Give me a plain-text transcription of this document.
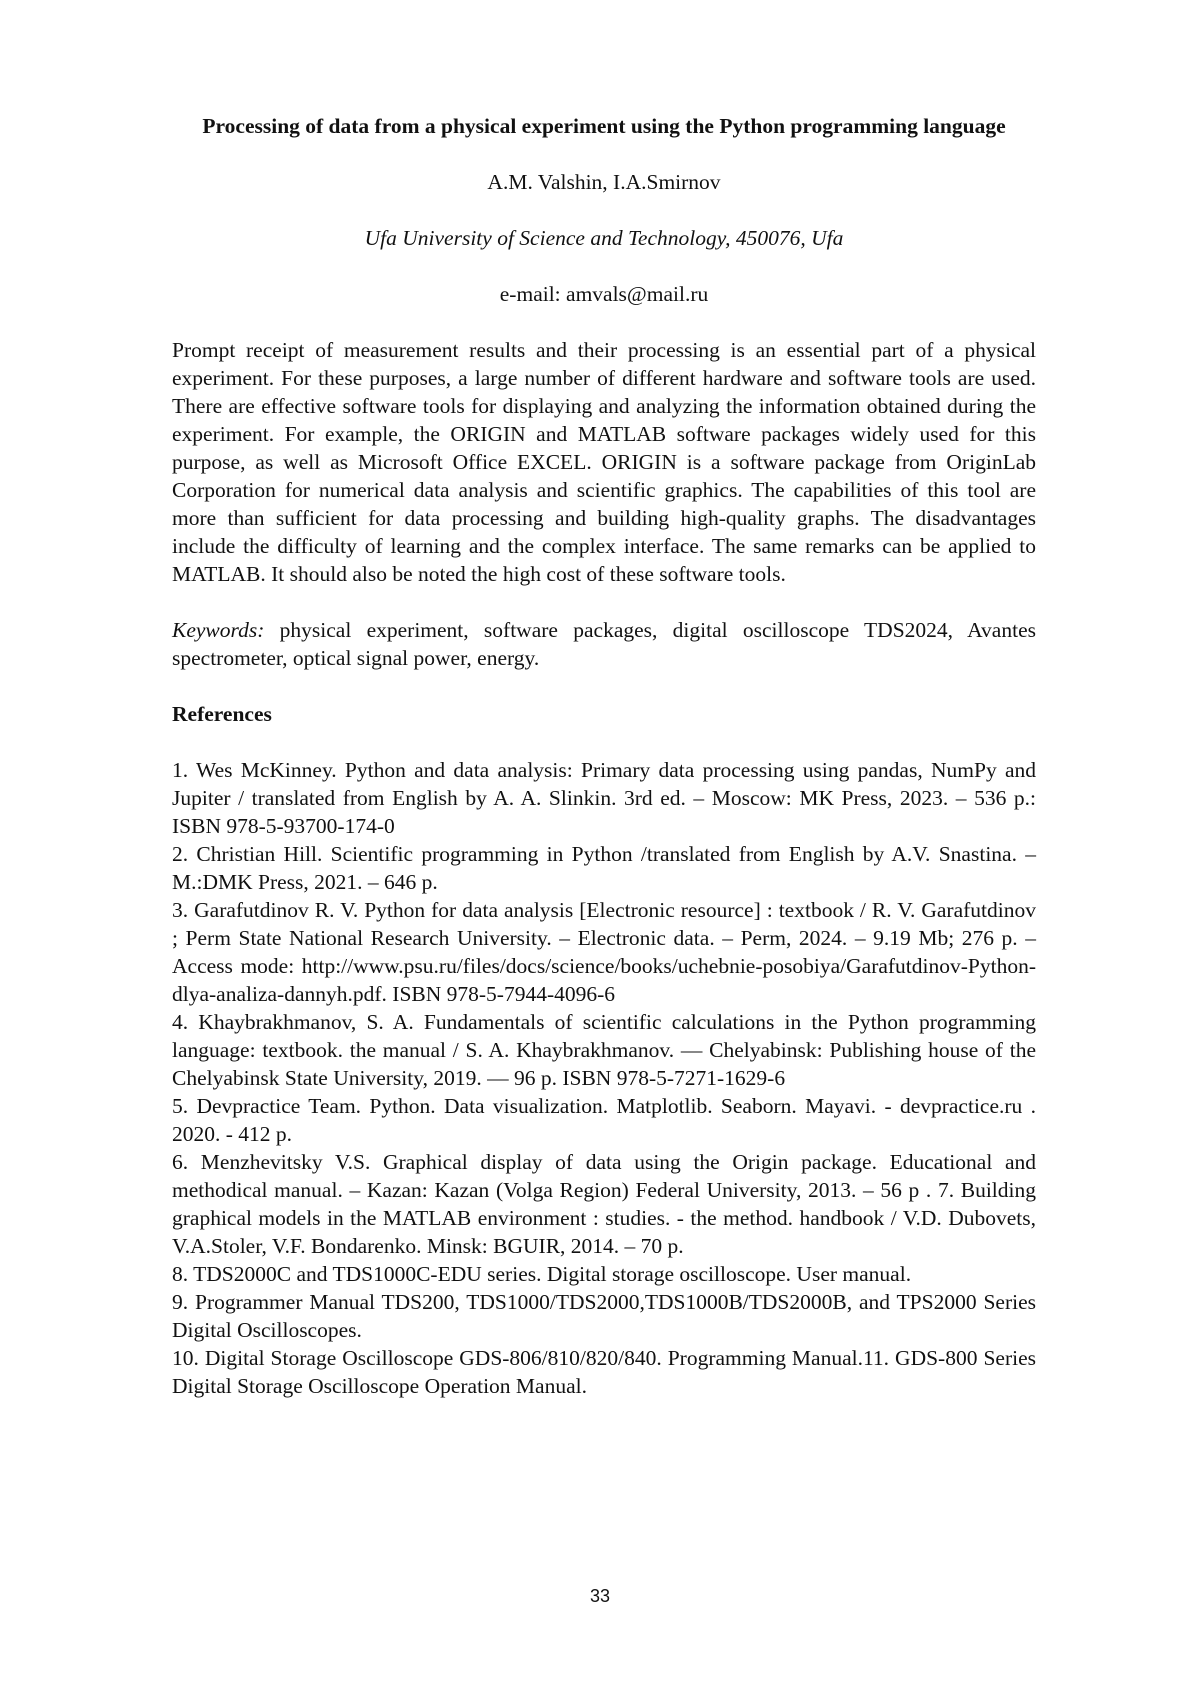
Processing of data from a physical experiment using the Python programming language
A.M. Valshin, I.A.Smirnov
Ufa University of Science and Technology, 450076, Ufa
e-mail: amvals@mail.ru
Prompt receipt of measurement results and their processing is an essential part of a physical experiment. For these purposes, a large number of different hardware and software tools are used. There are effective software tools for displaying and analyzing the information obtained during the experiment. For example, the ORIGIN and MATLAB software packages widely used for this purpose, as well as Microsoft Office EXCEL. ORIGIN is a software package from OriginLab Corporation for numerical data analysis and scientific graphics. The capabilities of this tool are more than sufficient for data processing and building high-quality graphs. The disadvantages include the difficulty of learning and the complex interface. The same remarks can be applied to MATLAB. It should also be noted the high cost of these software tools.
Keywords: physical experiment, software packages, digital oscilloscope TDS2024, Avantes spectrometer, optical signal power, energy.
References
1. Wes McKinney. Python and data analysis: Primary data processing using pandas, NumPy and Jupiter / translated from English by A. A. Slinkin. 3rd ed. – Moscow: MK Press, 2023. – 536 p.: ISBN 978-5-93700-174-0
2. Christian Hill. Scientific programming in Python /translated from English by A.V. Snastina. –M.:DMK Press, 2021. – 646 p.
3. Garafutdinov R. V. Python for data analysis [Electronic resource] : textbook / R. V. Garafutdinov ; Perm State National Research University. – Electronic data. – Perm, 2024. – 9.19 Mb; 276 p. – Access mode: http://www.psu.ru/files/docs/science/books/uchebnie-posobiya/Garafutdinov-Python-dlya-analiza-dannyh.pdf. ISBN 978-5-7944-4096-6
4. Khaybrakhmanov, S. A. Fundamentals of scientific calculations in the Python programming language: textbook. the manual / S. A. Khaybrakhmanov. — Chelyabinsk: Publishing house of the Chelyabinsk State University, 2019. — 96 p. ISBN 978-5-7271-1629-6
5. Devpractice Team. Python. Data visualization. Matplotlib. Seaborn. Mayavi. - devpractice.ru . 2020. - 412 p.
6. Menzhevitsky V.S. Graphical display of data using the Origin package. Educational and methodical manual. – Kazan: Kazan (Volga Region) Federal University, 2013. – 56 p . 7. Building graphical models in the MATLAB environment : studies. - the method. handbook / V.D. Dubovets, V.A.Stoler, V.F. Bondarenko. Minsk: BGUIR, 2014. – 70 p.
8. TDS2000C and TDS1000C-EDU series. Digital storage oscilloscope. User manual.
9. Programmer Manual TDS200, TDS1000/TDS2000,TDS1000B/TDS2000B, and TPS2000 Series Digital Oscilloscopes.
10. Digital Storage Oscilloscope GDS-806/810/820/840. Programming Manual.11. GDS-800 Series Digital Storage Oscilloscope Operation Manual.
33
